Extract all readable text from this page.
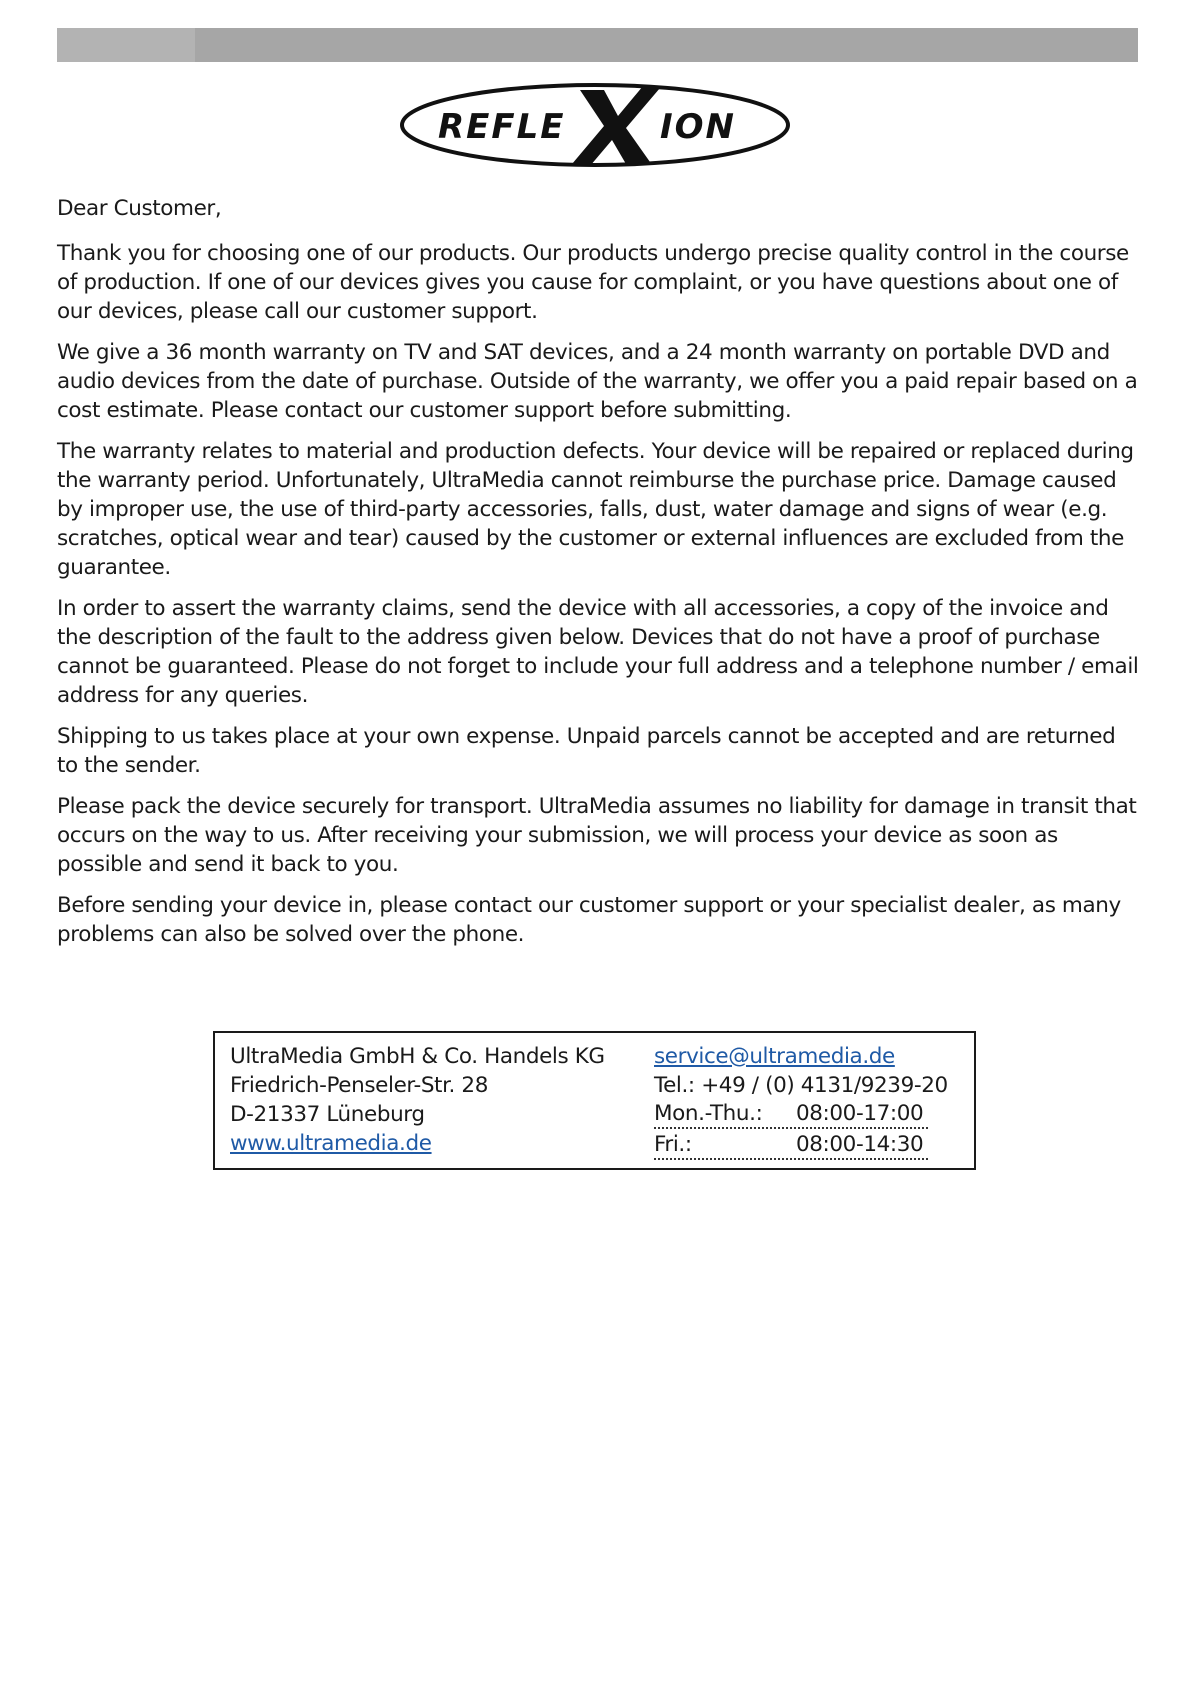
REFLE	ION

Dear Customer,

Thank you for choosing one of our products. Our products undergo precise quality control in the course of production. If one of our devices gives you cause for complaint, or you have questions about one of our devices, please call our customer support.

We give a 36 month warranty on TV and SAT devices, and a 24 month warranty on portable DVD and audio devices from the date of purchase. Outside of the warranty, we offer you a paid repair based on a cost estimate. Please contact our customer support before submitting.

The warranty relates to material and production defects. Your device will be repaired or replaced during the warranty period. Unfortunately, UltraMedia cannot reimburse the purchase price. Damage caused by improper use, the use of third-party accessories, falls, dust, water damage and signs of wear (e.g. scratches, optical wear and tear) caused by the customer or external influences are excluded from the guarantee.

In order to assert the warranty claims, send the device with all accessories, a copy of the invoice and the description of the fault to the address given below. Devices that do not have a proof of purchase cannot be guaranteed. Please do not forget to include your full address and a telephone number / email address for any queries.

Shipping to us takes place at your own expense. Unpaid parcels cannot be accepted and are returned to the sender.

Please pack the device securely for transport. UltraMedia assumes no liability for damage in transit that occurs on the way to us. After receiving your submission, we will process your device as soon as possible and send it back to you.

Before sending your device in, please contact our customer support or your specialist dealer, as many problems can also be solved over the phone.

UltraMedia GmbH & Co. Handels KG
Friedrich-Penseler-Str. 28
D-21337 Lüneburg
www.ultramedia.de
service@ultramedia.de
Tel.: +49 / (0) 4131/9239-20
Mon.-Thu.: 08:00-17:00
Fri.:	08:00-14:30
